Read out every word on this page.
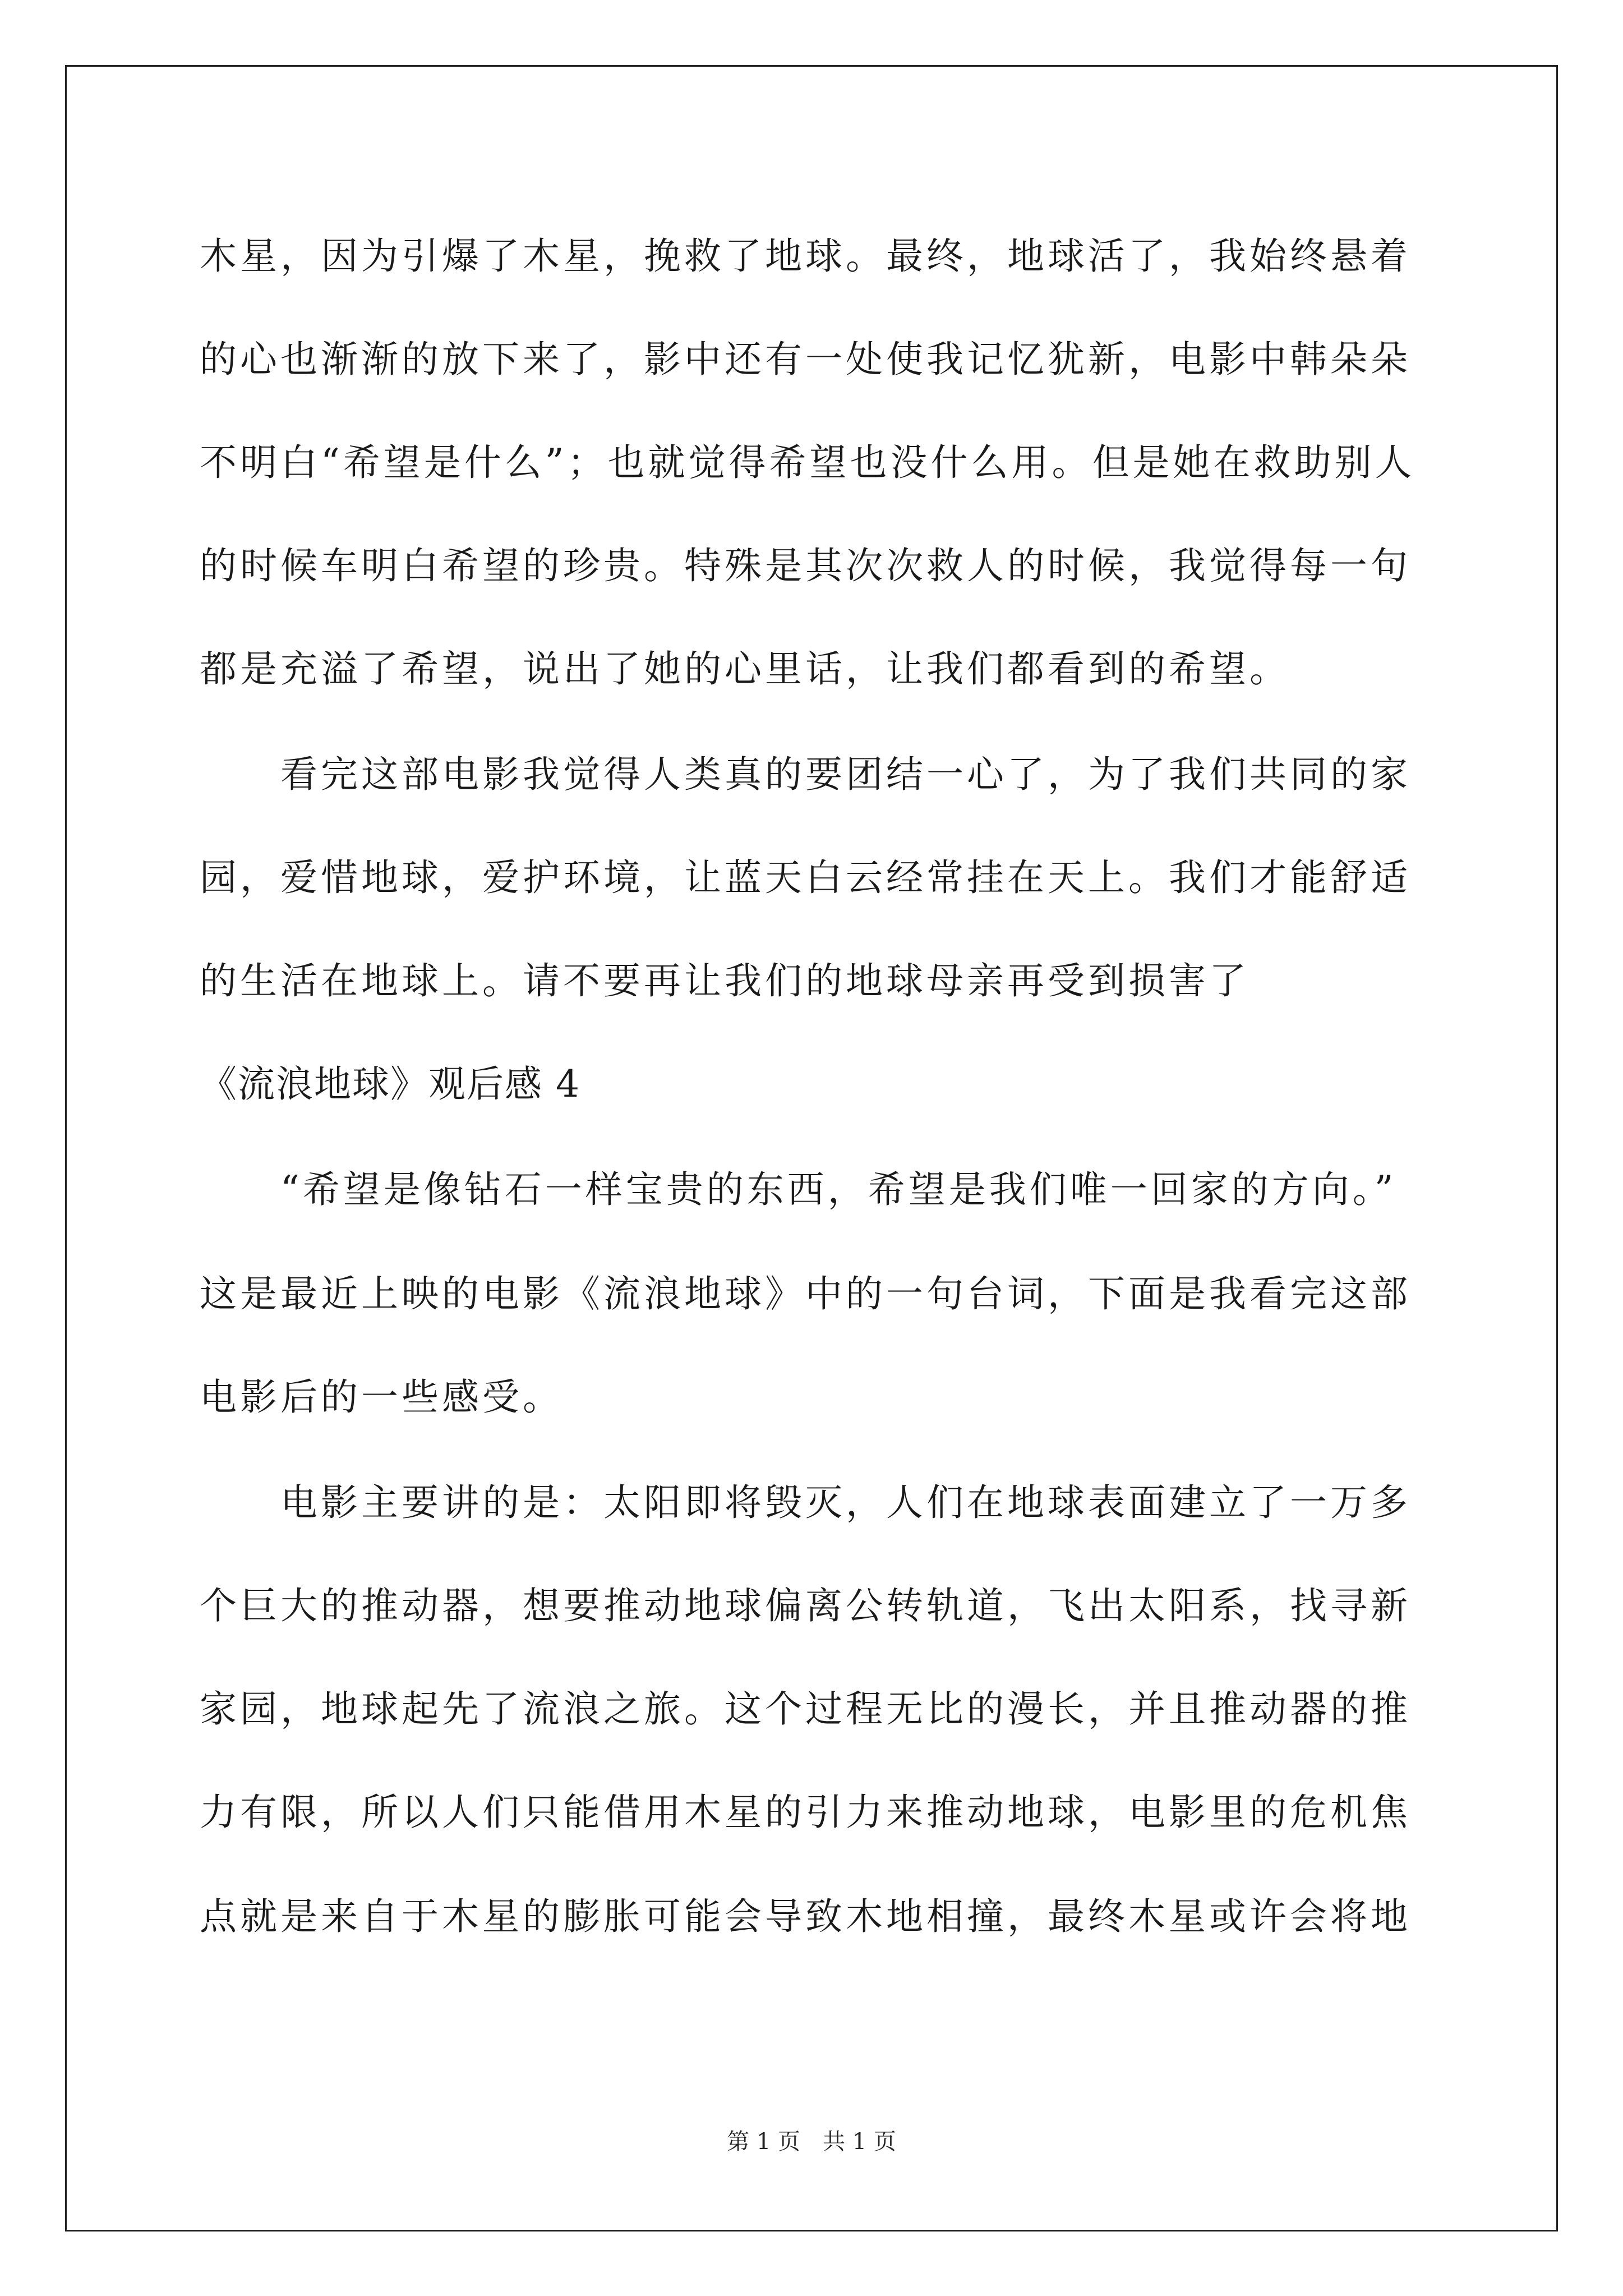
木星，因为引爆了木星，挽救了地球。最终，地球活了，我始终悬着
的心也渐渐的放下来了，影中还有一处使我记忆犹新，电影中韩朵朵
不明白“希望是什么”；也就觉得希望也没什么用。但是她在救助别人
的时候车明白希望的珍贵。特殊是其次次救人的时候，我觉得每一句
都是充溢了希望，说出了她的心里话，让我们都看到的希望。
看完这部电影我觉得人类真的要团结一心了，为了我们共同的家
园，爱惜地球，爱护环境，让蓝天白云经常挂在天上。我们才能舒适
的生活在地球上。请不要再让我们的地球母亲再受到损害了
《流浪地球》观后感 4
“希望是像钻石一样宝贵的东西，希望是我们唯一回家的方向。”
这是最近上映的电影《流浪地球》中的一句台词，下面是我看完这部
电影后的一些感受。
电影主要讲的是：太阳即将毁灭，人们在地球表面建立了一万多
个巨大的推动器，想要推动地球偏离公转轨道，飞出太阳系，找寻新
家园，地球起先了流浪之旅。这个过程无比的漫长，并且推动器的推
力有限，所以人们只能借用木星的引力来推动地球，电影里的危机焦
点就是来自于木星的膨胀可能会导致木地相撞，最终木星或许会将地
第 1 页　共 1 页
